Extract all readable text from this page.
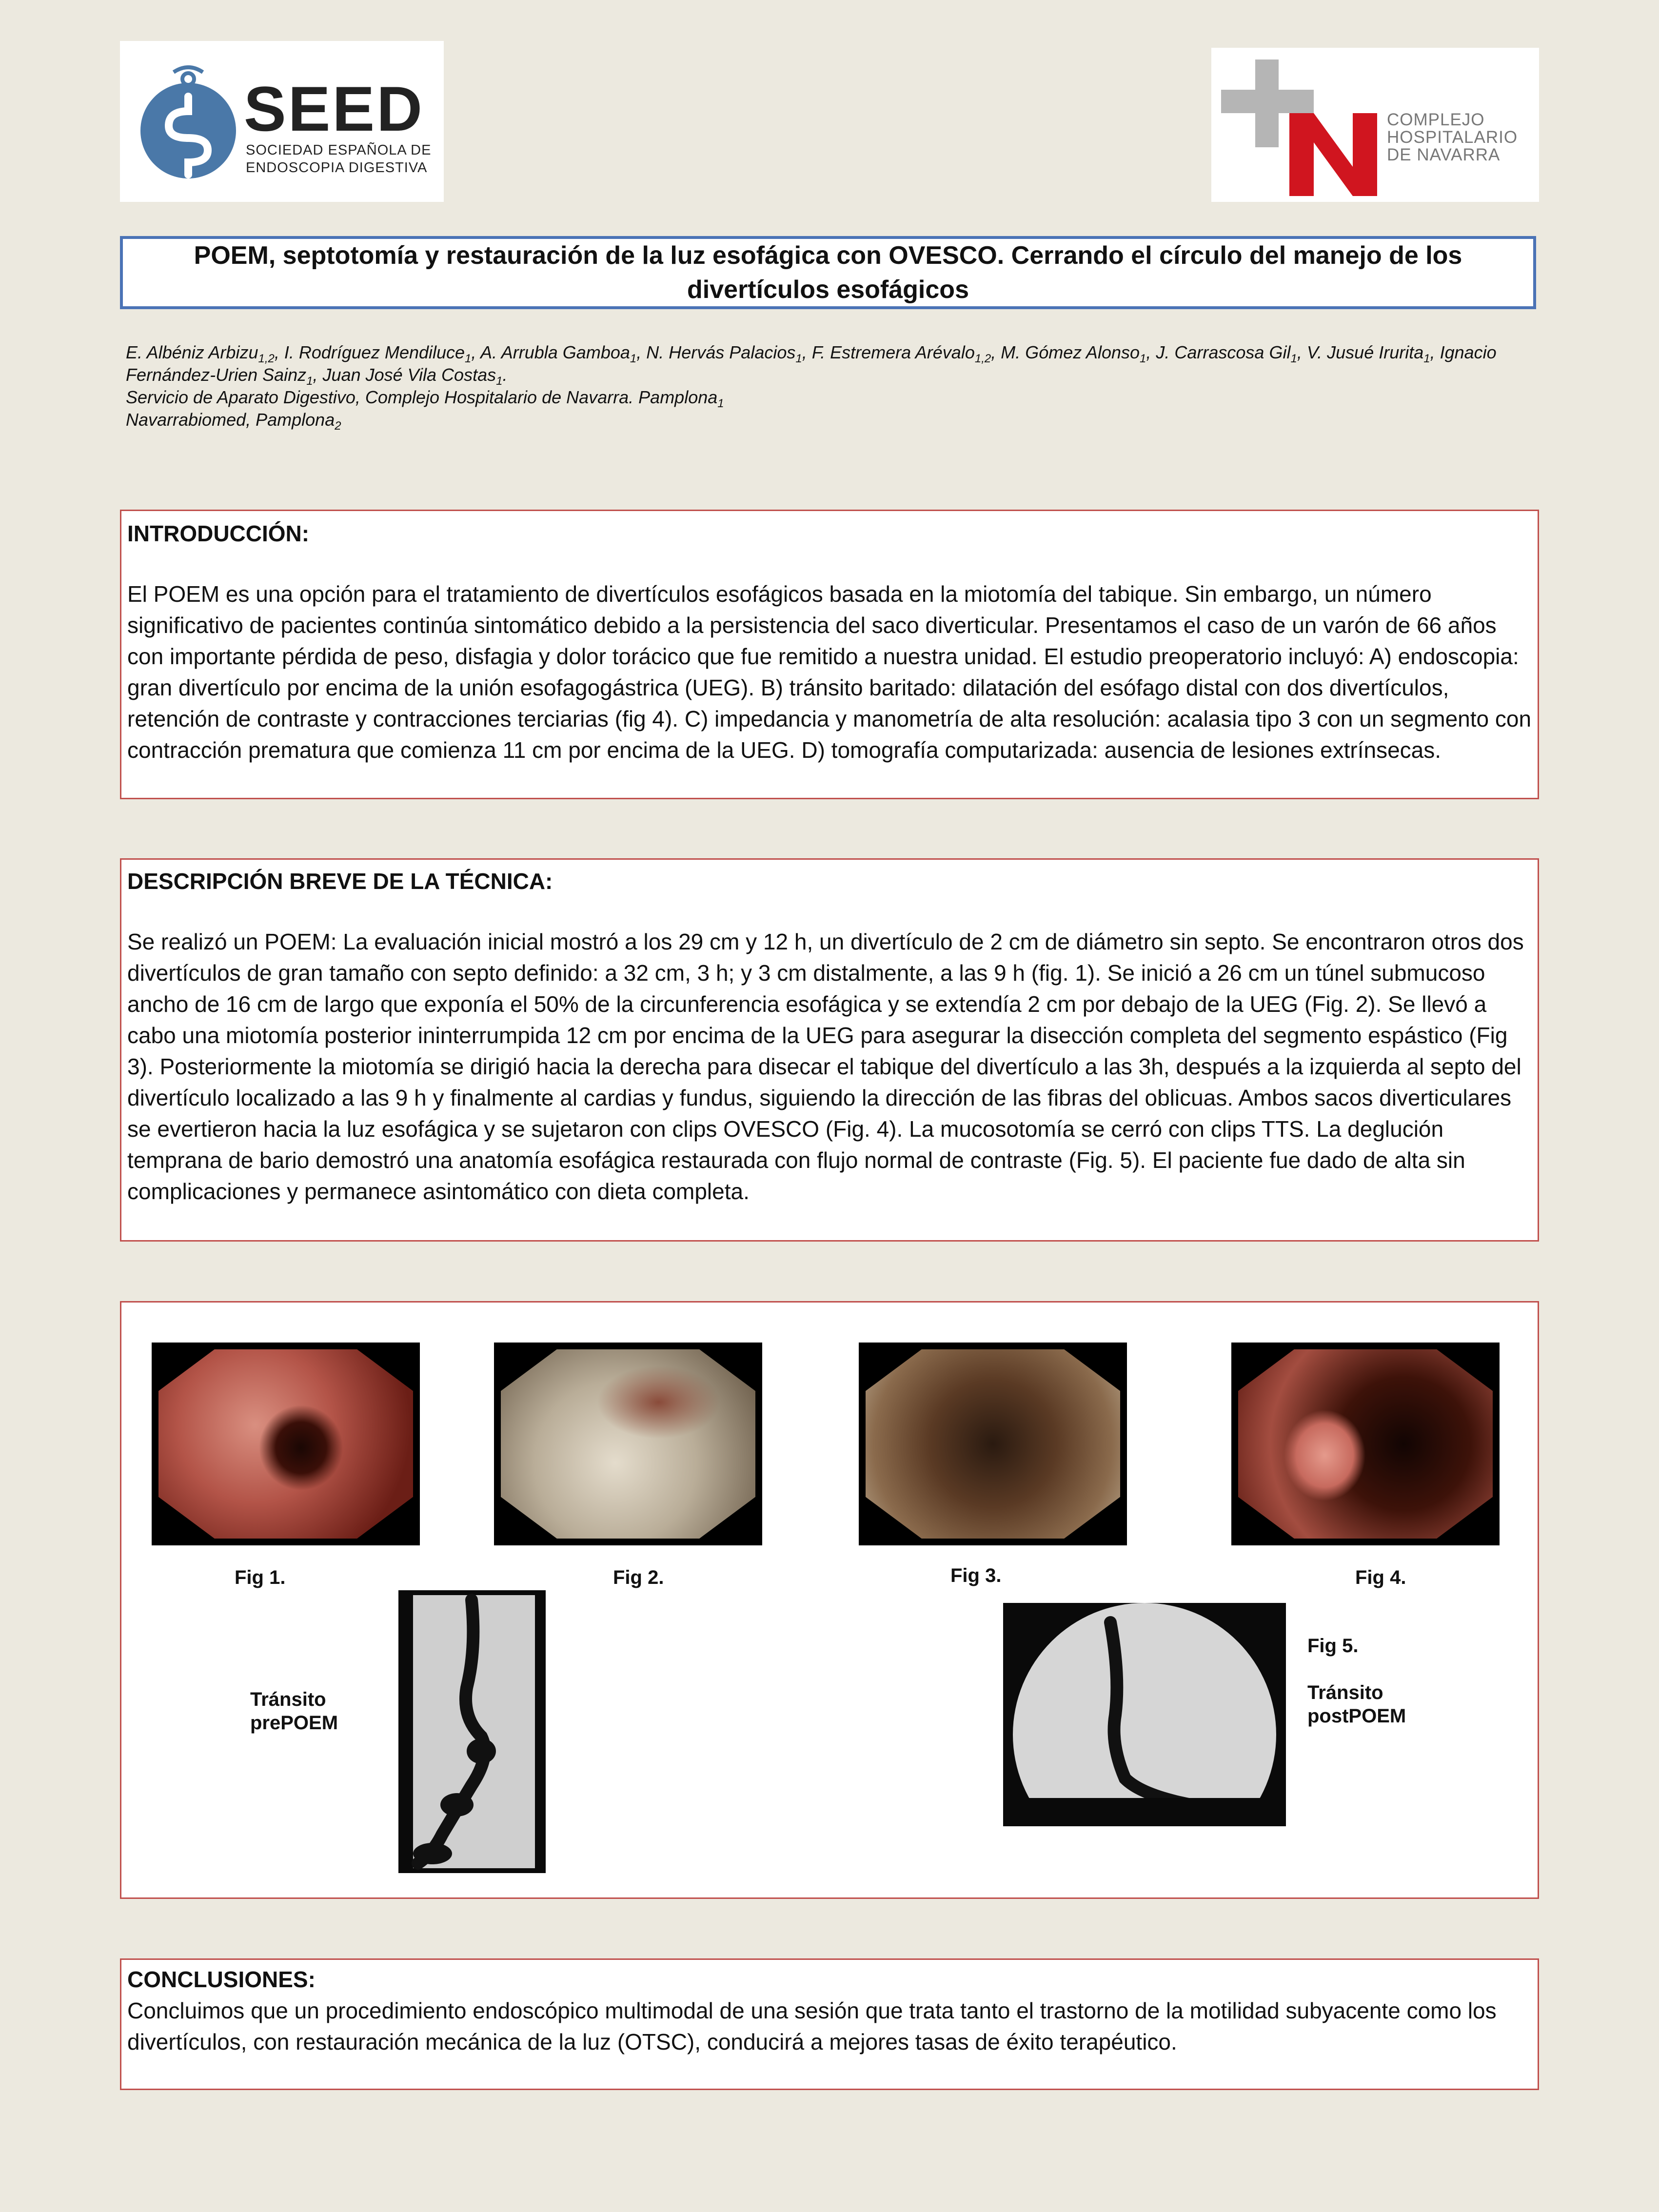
SEED
SOCIEDAD ESPAÑOLA DE
ENDOSCOPIA DIGESTIVA
COMPLEJO
HOSPITALARIO
DE NAVARRA
POEM, septotomía y restauración de la luz esofágica con OVESCO. Cerrando el círculo del manejo de los divertículos esofágicos
E. Albéniz Arbizu$_{1,2}$, I. Rodríguez Mendiluce$_1$, A. Arrubla Gamboa$_1$, N. Hervás Palacios$_1$, F. Estremera Arévalo$_{1,2}$, M. Gómez Alonso$_1$, J. Carrascosa Gil$_1$, V. Jusué Irurita$_1$, Ignacio Fernández-Urien Sainz$_1$, Juan José Vila Costas$_1$.
Servicio de Aparato Digestivo, Complejo Hospitalario de Navarra. Pamplona$_1$
Navarrabiomed, Pamplona$_2$
INTRODUCCIÓN:

El POEM es una opción para el tratamiento de divertículos esofágicos basada en la miotomía del tabique. Sin embargo, un número significativo de pacientes continúa sintomático debido a la persistencia del saco diverticular. Presentamos el caso de un varón de 66 años con importante pérdida de peso, disfagia y dolor torácico que fue remitido a nuestra unidad. El estudio preoperatorio incluyó: A) endoscopia: gran divertículo por encima de la unión esofagogástrica (UEG). B) tránsito baritado: dilatación del esófago distal con dos divertículos, retención de contraste y contracciones terciarias (fig 4). C) impedancia y manometría de alta resolución: acalasia tipo 3 con un segmento con contracción prematura que comienza 11 cm por encima de la UEG. D) tomografía computarizada: ausencia de lesiones extrínsecas.

DESCRIPCIÓN BREVE DE LA TÉCNICA:

Se realizó un POEM: La evaluación inicial mostró a los 29 cm y 12 h, un divertículo de 2 cm de diámetro sin septo. Se encontraron otros dos divertículos de gran tamaño con septo definido: a 32 cm, 3 h; y 3 cm distalmente, a las 9 h (fig. 1). Se inició a 26 cm un túnel submucoso ancho de 16 cm de largo que exponía el 50% de la circunferencia esofágica y se extendía 2 cm por debajo de la UEG (Fig. 2). Se llevó a cabo una miotomía posterior ininterrumpida 12 cm por encima de la UEG para asegurar la disección completa del segmento espástico (Fig 3). Posteriormente la miotomía se dirigió hacia la derecha para disecar el tabique del divertículo a las 3h, después a la izquierda al septo del divertículo localizado a las 9 h y finalmente al cardias y fundus, siguiendo la dirección de las fibras del oblicuas. Ambos sacos diverticulares se evertieron hacia la luz esofágica y se sujetaron con clips OVESCO (Fig. 4). La mucosotomía se cerró con clips TTS. La deglución temprana de bario demostró una anatomía esofágica restaurada con flujo normal de contraste (Fig. 5). El paciente fue dado de alta sin complicaciones y permanece asintomático con dieta completa.

Fig 1.	Fig 2.	Fig 3.	Fig 4.
Tránsito
prePOEM
Fig 5.
Tránsito
postPOEM
CONCLUSIONES:

Concluimos que un procedimiento endoscópico multimodal de una sesión que trata tanto el trastorno de la motilidad subyacente como los divertículos, con restauración mecánica de la luz (OTSC), conducirá a mejores tasas de éxito terapéutico.
